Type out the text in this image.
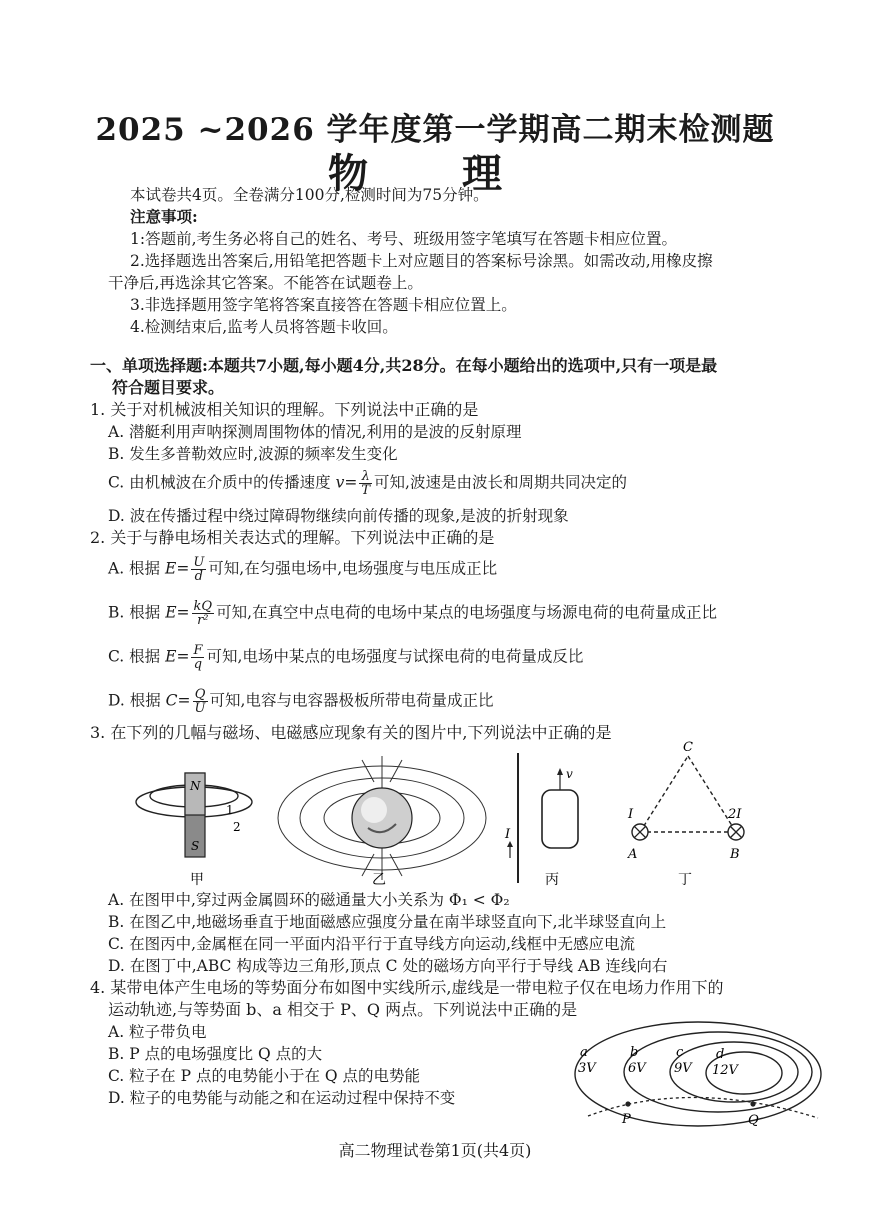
2025 ~2026 学年度第一学期高二期末检测题
物 理
本试卷共4页。全卷满分100分,检测时间为75分钟。
注意事项:
1:答题前,考生务必将自己的姓名、考号、班级用签字笔填写在答题卡相应位置。
2.选择题选出答案后,用铅笔把答题卡上对应题目的答案标号涂黑。如需改动,用橡皮擦
干净后,再选涂其它答案。不能答在试题卷上。
3.非选择题用签字笔将答案直接答在答题卡相应位置上。
4.检测结束后,监考人员将答题卡收回。
一、单项选择题:本题共7小题,每小题4分,共28分。在每小题给出的选项中,只有一项是最
符合题目要求。
1. 关于对机械波相关知识的理解。下列说法中正确的是
A. 潜艇利用声呐探测周围物体的情况,利用的是波的反射原理
B. 发生多普勒效应时,波源的频率发生变化
C. 由机械波在介质中的传播速度 $v= \frac{\lambda}{T}$ 可知,波速是由波长和周期共同决定的
D. 波在传播过程中绕过障碍物继续向前传播的现象,是波的折射现象
2. 关于与静电场相关表达式的理解。下列说法中正确的是
A. 根据 $E= \frac{U}{d}$ 可知,在匀强电场中,电场强度与电压成正比
B. 根据 $E= \frac{kQ}{\text{r²}}$ 可知,在真空中点电荷的电场中某点的电场强度与场源电荷的电荷量成正比
C. 根据 $E= \frac{F}{q}$ 可知,电场中某点的电场强度与试探电荷的电荷量成反比
D. 根据 $C= \frac{Q}{U}$ 可知,电容与电容器极板所带电荷量成正比
3. 在下列的几幅与磁场、电磁感应现象有关的图片中,下列说法中正确的是
N
S
1
2	I
v
C
I	2I
A	B
甲	乙	丙	丁
A. 在图甲中,穿过两金属圆环的磁通量大小关系为 Φ₁ < Φ₂
B. 在图乙中,地磁场垂直于地面磁感应强度分量在南半球竖直向下,北半球竖直向上
C. 在图丙中,金属框在同一平面内沿平行于直导线方向运动,线框中无感应电流
D. 在图丁中,ABC 构成等边三角形,顶点 C 处的磁场方向平行于导线 AB 连线向右
4. 某带电体产生电场的等势面分布如图中实线所示,虚线是一带电粒子仅在电场力作用下的
运动轨迹,与等势面 b、a 相交于 P、Q 两点。下列说法中正确的是
A. 粒子带负电
B. P 点的电场强度比 Q 点的大
C. 粒子在 P 点的电势能小于在 Q 点的电势能
D. 粒子的电势能与动能之和在运动过程中保持不变
a
3V
b
6V
c
9V
d
12V
P	Q
高二物理试卷第1页(共4页)
